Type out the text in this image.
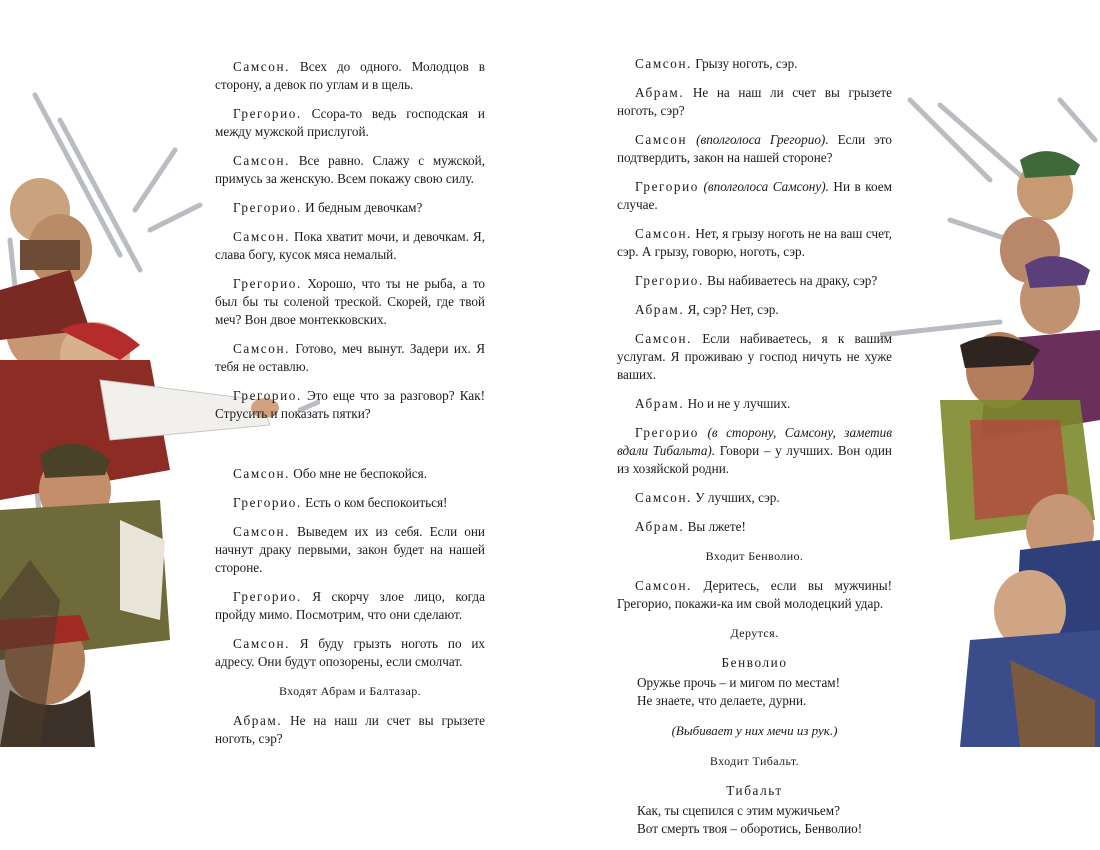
Самсон. Всех до одного. Молодцов в сторону, а девок по углам и в щель.

Грегорио. Ссора-то ведь господская и между мужской прислугой.

Самсон. Все равно. Слажу с мужской, примусь за женскую. Всем покажу свою силу.

Грегорио. И бедным девочкам?

Самсон. Пока хватит мочи, и девочкам. Я, слава богу, кусок мяса немалый.

Грегорио. Хорошо, что ты не рыба, а то был бы ты соленой треской. Скорей, где твой меч? Вон двое монтекковских.

Самсон. Готово, меч вынут. Задери их. Я тебя не оставлю.

Грегорио. Это еще что за разговор? Как! Струсить и показать пятки?

Самсон. Обо мне не беспокойся.

Грегорио. Есть о ком беспокоиться!

Самсон. Выведем их из себя. Если они начнут драку первыми, закон будет на нашей стороне.

Грегорио. Я скорчу злое лицо, когда пройду мимо. Посмотрим, что они сделают.

Самсон. Я буду грызть ноготь по их адресу. Они будут опозорены, если смолчат.

Входят Абрам и Балтазар.

Абрам. Не на наш ли счет вы грызете ноготь, сэр?

Самсон. Грызу ноготь, сэр.

Абрам. Не на наш ли счет вы грызете ноготь, сэр?

Самсон (вполголоса Грегорио). Если это подтвердить, закон на нашей стороне?

Грегорио (вполголоса Самсону). Ни в коем случае.

Самсон. Нет, я грызу ноготь не на ваш счет, сэр. А грызу, говорю, ноготь, сэр.

Грегорио. Вы набиваетесь на драку, сэр?

Абрам. Я, сэр? Нет, сэр.

Самсон. Если набиваетесь, я к вашим услугам. Я проживаю у господ ничуть не хуже ваших.

Абрам. Но и не у лучших.

Грегорио (в сторону, Самсону, заметив вдали Тибальта). Говори – у лучших. Вон один из хозяйской родни.

Самсон. У лучших, сэр.

Абрам. Вы лжете!

Входит Бенволио.

Самсон. Деритесь, если вы мужчины! Грегорио, покажи-ка им свой молодецкий удар.

Дерутся.
Бенволио
Оружье прочь – и мигом по местам!
Не знаете, что делаете, дурни.
(Выбивает у них мечи из рук.)
Входит Тибальт.
Тибальт
Как, ты сцепился с этим мужичьем?
Вот смерть твоя – оборотись, Бенволио!
